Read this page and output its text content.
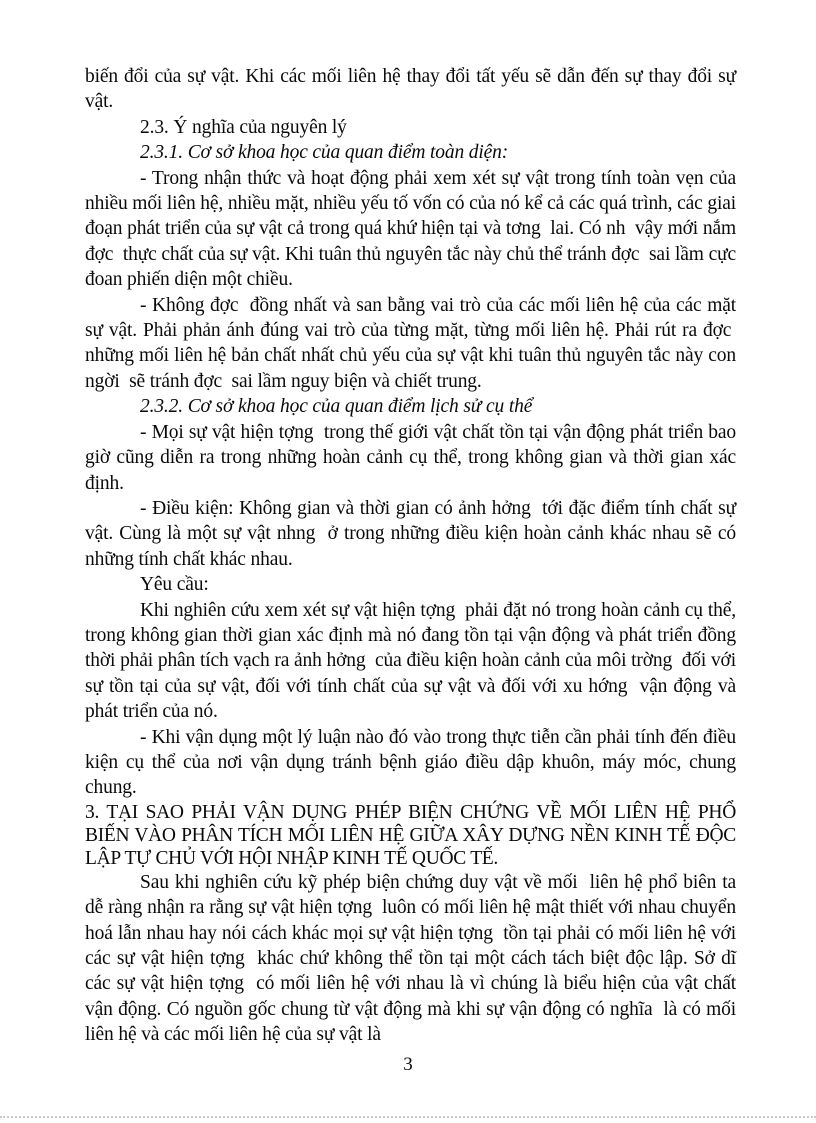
biến đổi của sự vật. Khi các mối liên hệ thay đổi tất yếu sẽ dẫn đến sự thay đổi sự vật.

2.3. Ý nghĩa của nguyên lý
2.3.1. Cơ sở khoa học của quan điểm toàn diện:

- Trong nhận thức và hoạt động phải xem xét sự vật trong tính toàn vẹn của nhiều mối liên hệ, nhiều mặt, nhiều yếu tố vốn có của nó kể cả các quá trình, các giai đoạn phát triển của sự vật cả trong quá khứ hiện tại và tơng  lai. Có nh  vậy mới nắm đợc  thực chất của sự vật. Khi tuân thủ nguyên tắc này chủ thể tránh đợc  sai lầm cực đoan phiến diện một chiều.

- Không đợc  đồng nhất và san bằng vai trò của các mối liên hệ của các mặt sự vật. Phải phản ánh đúng vai trò của từng mặt, từng mối liên hệ. Phải rút ra đợc  những mối liên hệ bản chất nhất chủ yếu của sự vật khi tuân thủ nguyên tắc này con ngời  sẽ tránh đợc  sai lầm nguy biện và chiết trung.

2.3.2. Cơ sở khoa học của quan điểm lịch sử cụ thể

- Mọi sự vật hiện tợng  trong thế giới vật chất tồn tại vận động phát triển bao giờ cũng diễn ra trong những hoàn cảnh cụ thể, trong không gian và thời gian xác định.

- Điều kiện: Không gian và thời gian có ảnh hởng  tới đặc điểm tính chất sự vật. Cùng là một sự vật nhng  ở trong những điều kiện hoàn cảnh khác nhau sẽ có những tính chất khác nhau.

Yêu cầu:

Khi nghiên cứu xem xét sự vật hiện tợng  phải đặt nó trong hoàn cảnh cụ thể, trong không gian thời gian xác định mà nó đang tồn tại vận động và phát triển đồng thời phải phân tích vạch ra ảnh hởng  của điều kiện hoàn cảnh của môi trờng  đối với sự tồn tại của sự vật, đối với tính chất của sự vật và đối với xu hớng  vận động và phát triển của nó.

- Khi vận dụng một lý luận nào đó vào trong thực tiễn cần phải tính đến điều kiện cụ thể của nơi vận dụng tránh bệnh giáo điều dập khuôn, máy móc, chung chung.

3. TẠI SAO PHẢI VẬN DỤNG PHÉP BIỆN CHỨNG VỀ MỐI LIÊN HỆ PHỔ BIẾN VÀO PHÂN TÍCH MỐI LIÊN HỆ GIỮA XÂY DỰNG NỀN KINH TẾ ĐỘC LẬP TỰ CHỦ VỚI HỘI NHẬP KINH TẾ QUỐC TẾ.

Sau khi nghiên cứu kỹ phép biện chứng duy vật về mối  liên hệ phổ biên ta dễ ràng nhận ra rằng sự vật hiện tợng  luôn có mối liên hệ mật thiết với nhau chuyển hoá lẫn nhau hay nói cách khác mọi sự vật hiện tợng  tồn tại phải có mối liên hệ với các sự vật hiện tợng  khác chứ không thể tồn tại một cách tách biệt độc lập. Sở dĩ các sự vật hiện tợng  có mối liên hệ với nhau là vì chúng là biểu hiện của vật chất vận động. Có nguồn gốc chung từ vật động mà khi sự vận động có nghĩa  là có mối liên hệ và các mối liên hệ của sự vật là

3
